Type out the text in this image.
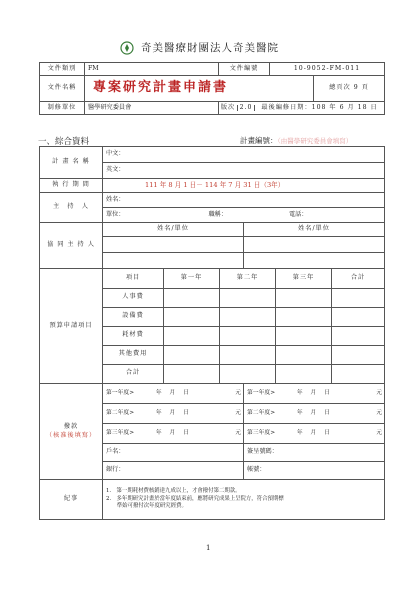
奇美醫療財團法人奇美醫院
文件類別	FM	文件編號	10-9052-FM-011
文件名稱	專案研究計畫申請書	總頁次 9 頁
制修單位	醫學研究委員會		版次	2.0	最後編修日期：108 年 6 月 18 日
一、綜合資料	計畫編號：（由醫學研究委員會填寫）
計 畫 名 稱	中文：
英文：
執 行 期 間	111 年 8 月 1 日－ 114 年 7 月 31 日（3年）
主　持　人	姓名：
單位：	職稱：	電話：
協 同 主 持 人	姓名/單位	姓名/單位

預算申請項目	
項目	第一年	第二年	第三年	合計
人事費				
設備費				
耗材費				
其他費用				
合計				

撥款
（核准後填寫）
	第一年度>	年 月 日	元	第一年度>	年 月 日	元

第二年度>	年 月 日	元	第二年度>	年 月 日	元

第三年度>	年 月 日	元	第三年度>	年 月 日	元

戶名：	簽呈號碼：
銀行：	帳號：
紀事	
1.　第一期耗材費核銷達九成以上，才會撥付第二期款。
2.　多年期研究計畫於當年度結束前，應將研究成果上呈院方，符合預期標
　　準始可撥付次年度研究經費。
1
